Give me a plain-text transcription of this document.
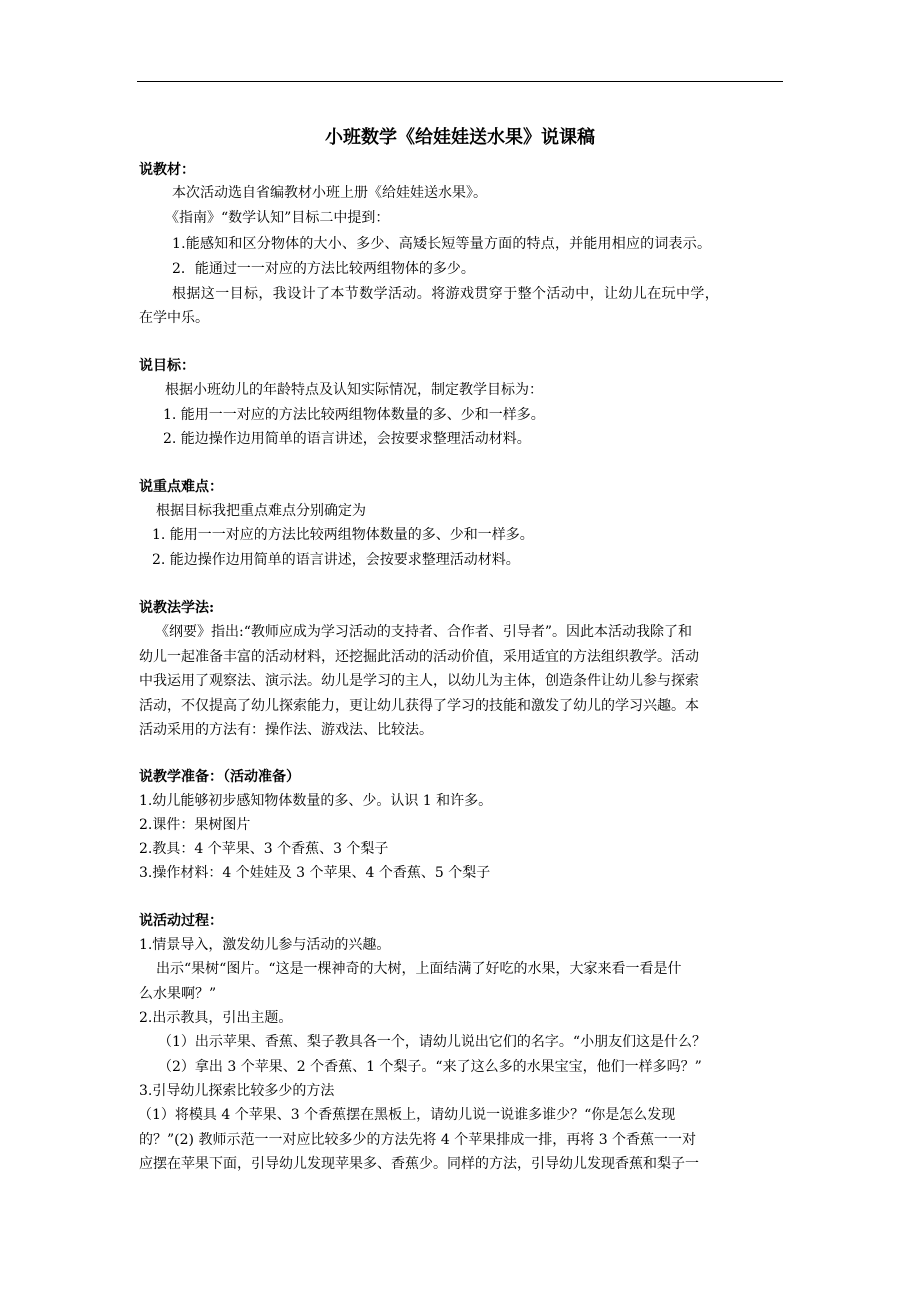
小班数学《给娃娃送水果》说课稿
说教材：
本次活动选自省编教材小班上册《给娃娃送水果》。
《指南》“数学认知”目标二中提到：
1.能感知和区分物体的大小、多少、高矮长短等量方面的特点，并能用相应的词表示。
2．能通过一一对应的方法比较两组物体的多少。
根据这一目标，我设计了本节数学活动。将游戏贯穿于整个活动中，让幼儿在玩中学，
在学中乐。
说目标：
根据小班幼儿的年龄特点及认知实际情况，制定教学目标为：
1. 能用一一对应的方法比较两组物体数量的多、少和一样多。
2. 能边操作边用简单的语言讲述，会按要求整理活动材料。
说重点难点：
根据目标我把重点难点分别确定为
1. 能用一一对应的方法比较两组物体数量的多、少和一样多。
2. 能边操作边用简单的语言讲述，会按要求整理活动材料。
说教法学法:
《纲要》指出:“教师应成为学习活动的支持者、合作者、引导者”。因此本活动我除了和
幼儿一起准备丰富的活动材料，还挖掘此活动的活动价值，采用适宜的方法组织教学。活动
中我运用了观察法、演示法。幼儿是学习的主人，以幼儿为主体，创造条件让幼儿参与探索
活动，不仅提高了幼儿探索能力，更让幼儿获得了学习的技能和激发了幼儿的学习兴趣。本
活动采用的方法有：操作法、游戏法、比较法。
说教学准备：（活动准备）
1.幼儿能够初步感知物体数量的多、少。认识 1 和许多。
2.课件：果树图片
2.教具：4 个苹果、3 个香蕉、3 个梨子
3.操作材料：4 个娃娃及 3 个苹果、4 个香蕉、5 个梨子
说活动过程：
1.情景导入，激发幼儿参与活动的兴趣。
出示“果树“图片。“这是一棵神奇的大树，上面结满了好吃的水果，大家来看一看是什
么水果啊？”
2.出示教具，引出主题。
（1）出示苹果、香蕉、梨子教具各一个，请幼儿说出它们的名字。“小朋友们这是什么？
（2）拿出 3 个苹果、2 个香蕉、1 个梨子。“来了这么多的水果宝宝，他们一样多吗？”
3.引导幼儿探索比较多少的方法
（1）将模具 4 个苹果、3 个香蕉摆在黑板上，请幼儿说一说谁多谁少？“你是怎么发现
的？”(2) 教师示范一一对应比较多少的方法先将 4 个苹果排成一排，再将 3 个香蕉一一对
应摆在苹果下面，引导幼儿发现苹果多、香蕉少。同样的方法，引导幼儿发现香蕉和梨子一
